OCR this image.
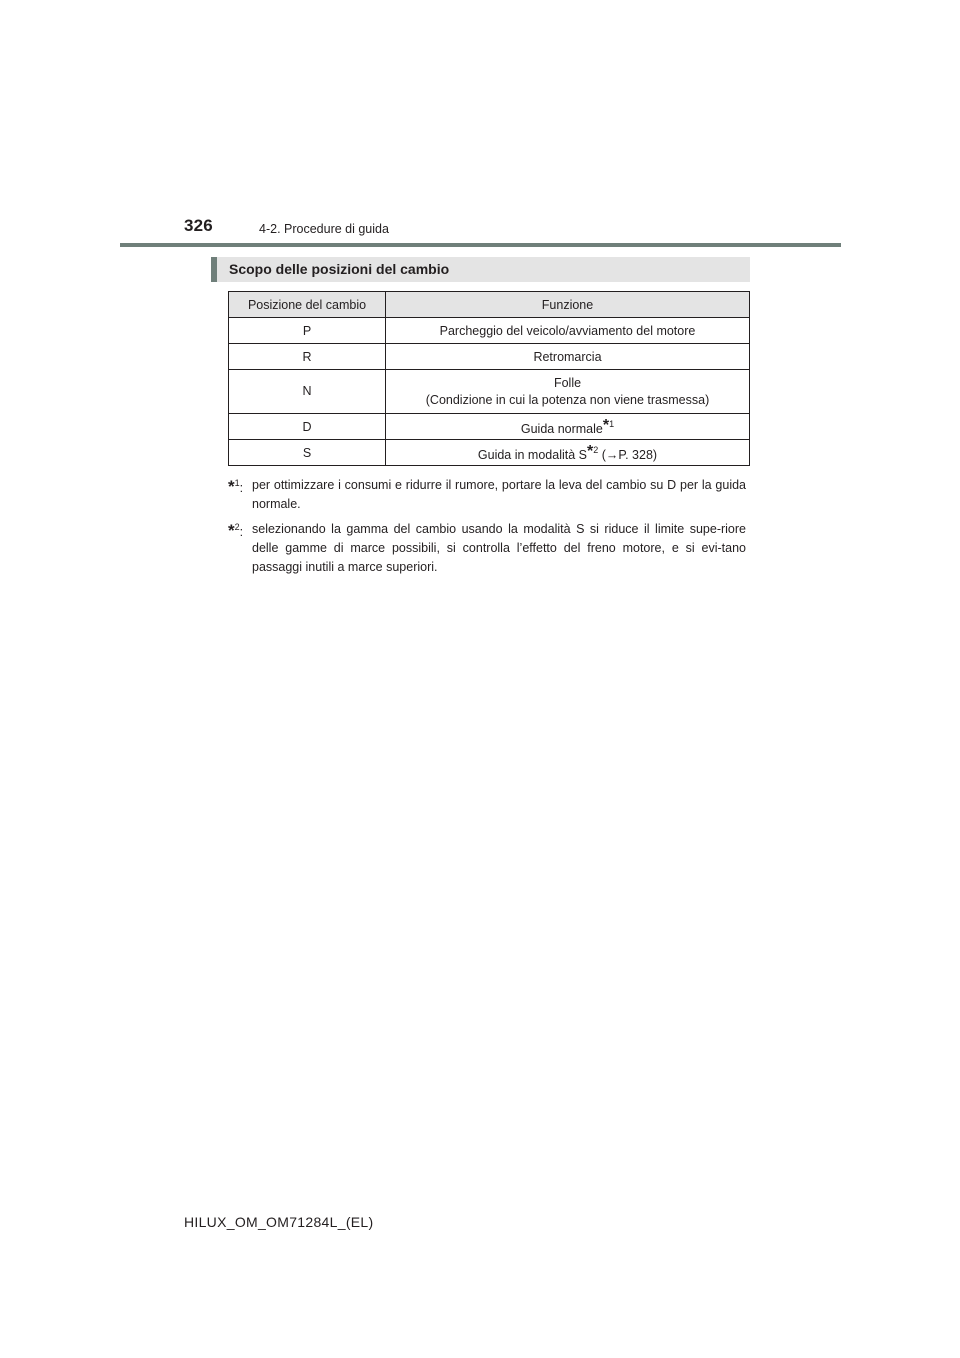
326	4-2. Procedure di guida
Scopo delle posizioni del cambio
Posizione del cambio	Funzione
P	Parcheggio del veicolo/avviamento del motore
R	Retromarcia
N	Folle
(Condizione in cui la potenza non viene trasmessa)
D	Guida normale*$^1$
S	Guida in modalità S*$^2$ (→P. 328)
*$^1$: per ottimizzare i consumi e ridurre il rumore, portare la leva del cambio su D per la guida normale.
*$^2$: selezionando la gamma del cambio usando la modalità S si riduce il limite supe-riore delle gamme di marce possibili, si controlla l’effetto del freno motore, e si evi-tano passaggi inutili a marce superiori.
HILUX_OM_OM71284L_(EL)
